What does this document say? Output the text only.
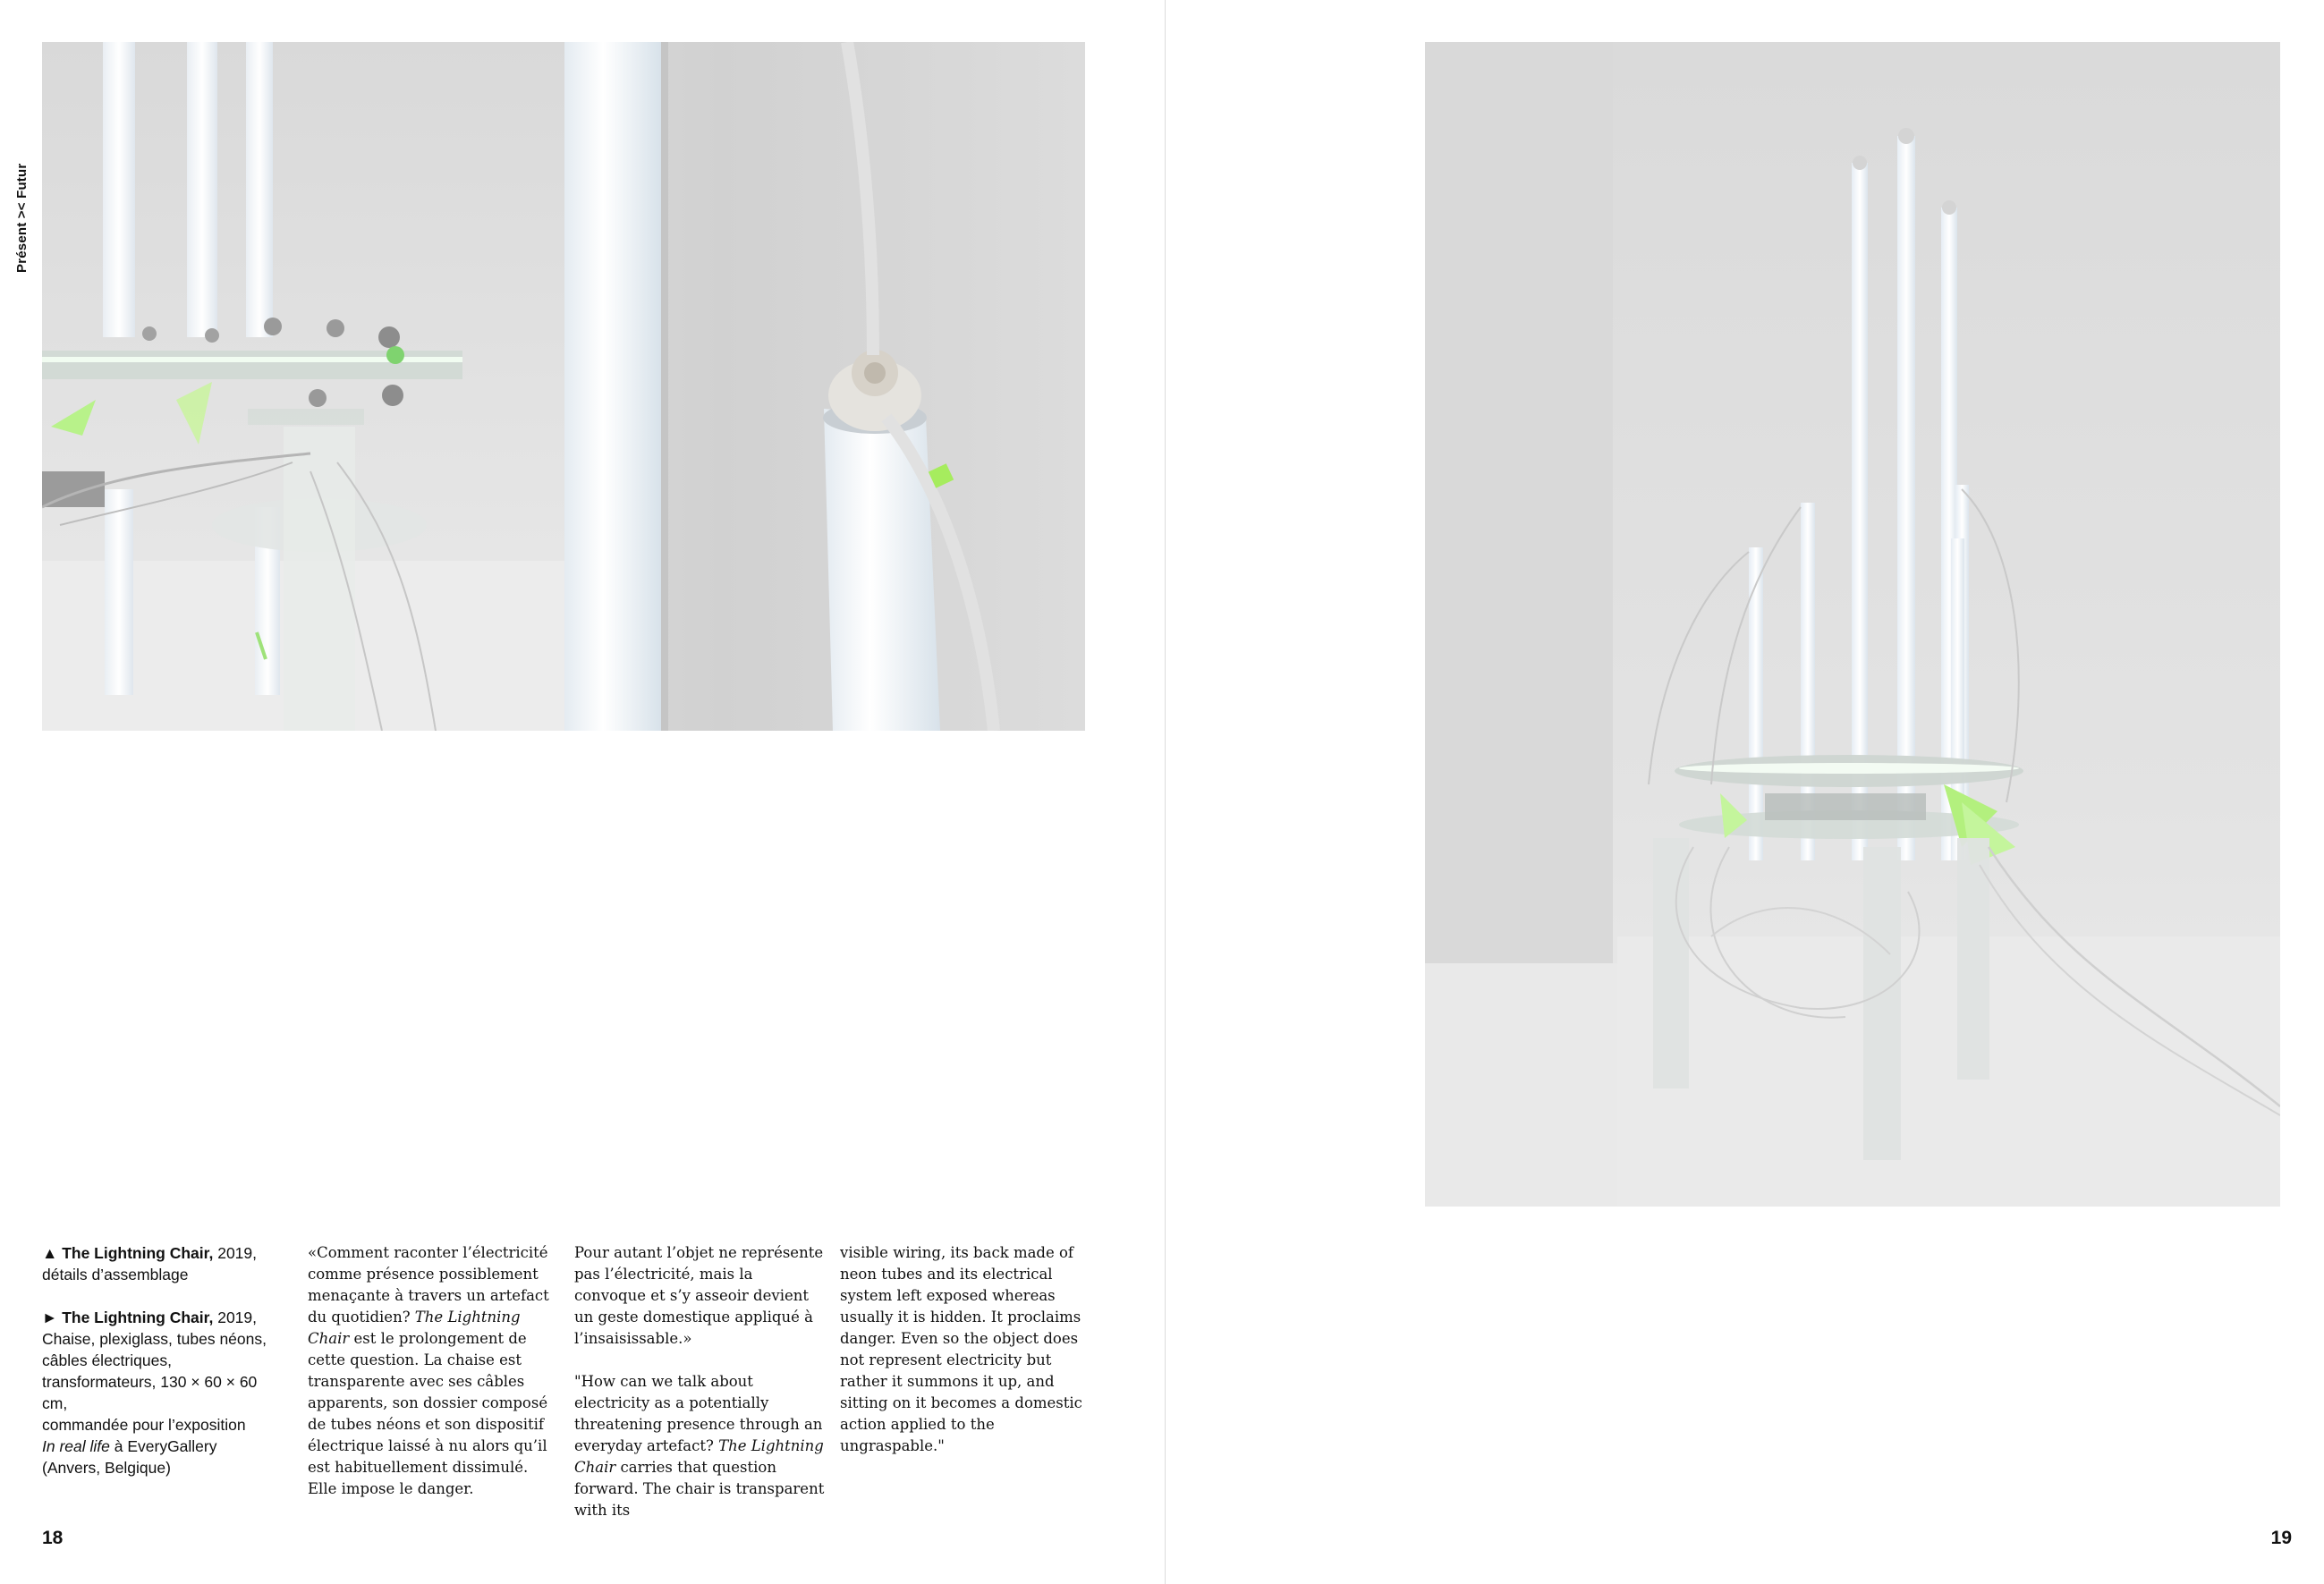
Présent >< Futur

▲ The Lightning Chair, 2019,
détails d’assemblage

► The Lightning Chair, 2019,
Chaise, plexiglass, tubes néons,
câbles électriques,
transformateurs, 130 × 60 × 60 cm,
commandée pour l’exposition
In real life à EveryGallery
(Anvers, Belgique)

«Comment raconter l’électricité comme présence possiblement menaçante à travers un artefact du quotidien? The Lightning Chair est le prolongement de cette question. La chaise est transparente avec ses câbles apparents, son dossier composé de tubes néons et son dispositif électrique laissé à nu alors qu’il est habituellement dissimulé. Elle impose le danger.

Pour autant l’objet ne représente pas l’électricité, mais la convoque et s’y asseoir devient un geste domestique appliqué à l’insaisissable.»

"How can we talk about electricity as a potentially threatening presence through an everyday artefact? The Lightning Chair carries that question forward. The chair is transparent with its

visible wiring, its back made of neon tubes and its electrical system left exposed whereas usually it is hidden. It proclaims danger. Even so the object does not represent electricity but rather it summons it up, and sitting on it becomes a domestic action applied to the ungraspable."
18	19
